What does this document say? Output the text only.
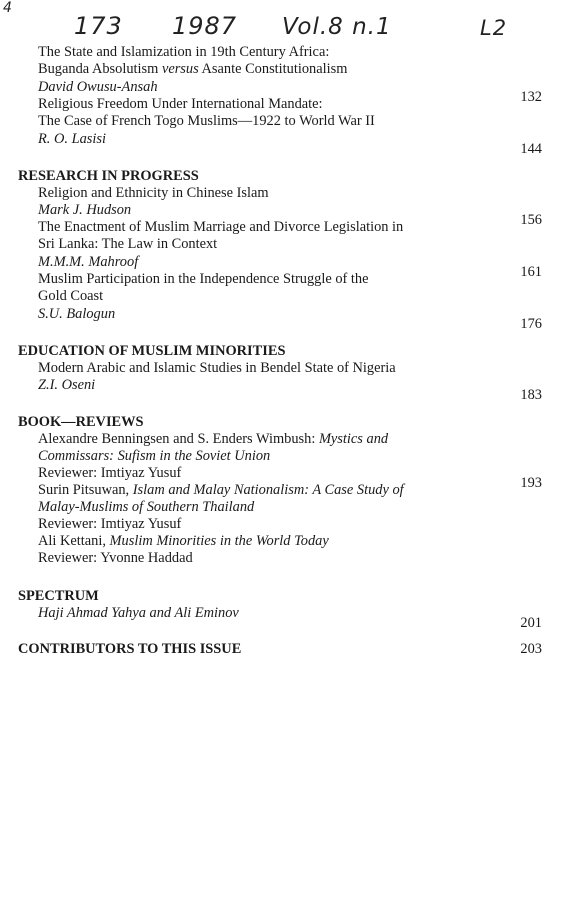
4
173 1987 Vol.8 n.1	L2
The State and Islamization in 19th Century Africa:
Buganda Absolutism versus Asante Constitutionalism
David Owusu-Ansah
132
Religious Freedom Under International Mandate:
The Case of French Togo Muslims—1922 to World War II
R. O. Lasisi
144
RESEARCH IN PROGRESS
Religion and Ethnicity in Chinese Islam
Mark J. Hudson
156
The Enactment of Muslim Marriage and Divorce Legislation in
Sri Lanka: The Law in Context
M.M.M. Mahroof
161
Muslim Participation in the Independence Struggle of the
Gold Coast
S.U. Balogun
176
EDUCATION OF MUSLIM MINORITIES
Modern Arabic and Islamic Studies in Bendel State of Nigeria
Z.I. Oseni
183
BOOK—REVIEWS
Alexandre Benningsen and S. Enders Wimbush: Mystics and
Commissars: Sufism in the Soviet Union
Reviewer: Imtiyaz Yusuf
193
Surin Pitsuwan, Islam and Malay Nationalism: A Case Study of
Malay-Muslims of Southern Thailand
Reviewer: Imtiyaz Yusuf
Ali Kettani, Muslim Minorities in the World Today
Reviewer: Yvonne Haddad
SPECTRUM
Haji Ahmad Yahya and Ali Eminov
201
CONTRIBUTORS TO THIS ISSUE	203
